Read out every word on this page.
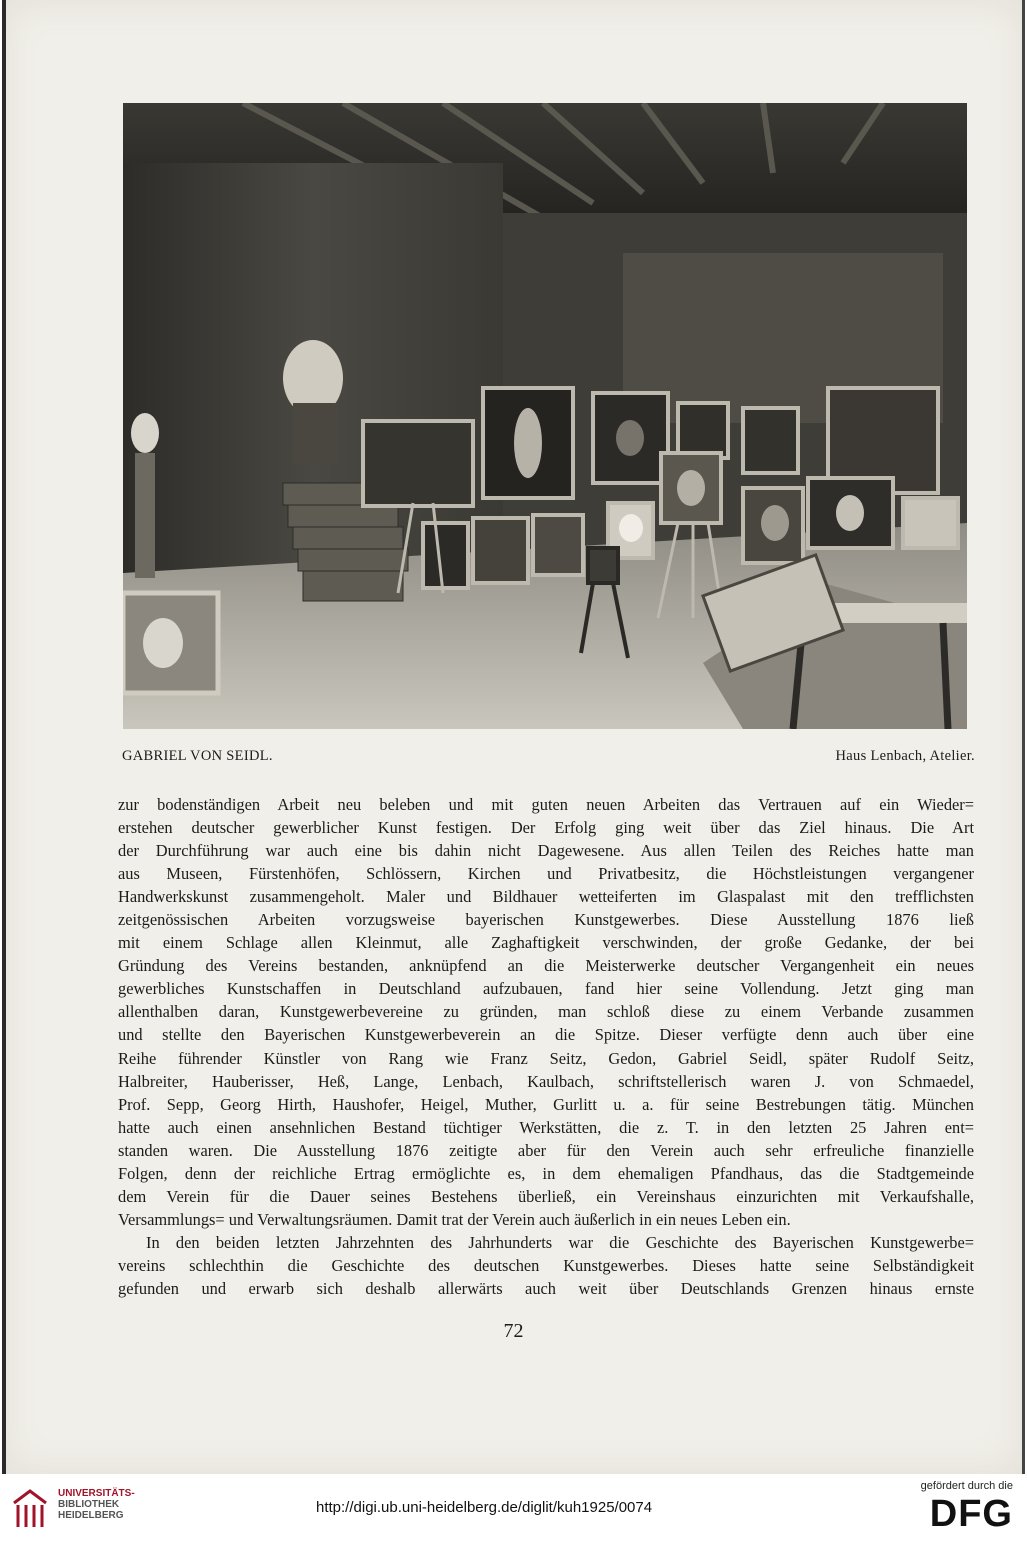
GABRIEL VON SEIDL.	Haus Lenbach, Atelier.
zur bodenständigen Arbeit neu beleben und mit guten neuen Arbeiten das Vertrauen auf ein Wieder=
erstehen deutscher gewerblicher Kunst festigen. Der Erfolg ging weit über das Ziel hinaus. Die Art
der Durchführung war auch eine bis dahin nicht Dagewesene. Aus allen Teilen des Reiches hatte man
aus Museen, Fürstenhöfen, Schlössern, Kirchen und Privatbesitz, die Höchstleistungen vergangener
Handwerkskunst zusammengeholt. Maler und Bildhauer wetteiferten im Glaspalast mit den trefflichsten
zeitgenössischen Arbeiten vorzugsweise bayerischen Kunstgewerbes. Diese Ausstellung 1876 ließ
mit einem Schlage allen Kleinmut, alle Zaghaftigkeit verschwinden, der große Gedanke, der bei
Gründung des Vereins bestanden, anknüpfend an die Meisterwerke deutscher Vergangenheit ein neues
gewerbliches Kunstschaffen in Deutschland aufzubauen, fand hier seine Vollendung. Jetzt ging man
allenthalben daran, Kunstgewerbevereine zu gründen, man schloß diese zu einem Verbande zusammen
und stellte den Bayerischen Kunstgewerbeverein an die Spitze. Dieser verfügte denn auch über eine
Reihe führender Künstler von Rang wie Franz Seitz, Gedon, Gabriel Seidl, später Rudolf Seitz,
Halbreiter, Hauberisser, Heß, Lange, Lenbach, Kaulbach, schriftstellerisch waren J. von Schmaedel,
Prof. Sepp, Georg Hirth, Haushofer, Heigel, Muther, Gurlitt u. a. für seine Bestrebungen tätig. München
hatte auch einen ansehnlichen Bestand tüchtiger Werkstätten, die z. T. in den letzten 25 Jahren ent=
standen waren. Die Ausstellung 1876 zeitigte aber für den Verein auch sehr erfreuliche finanzielle
Folgen, denn der reichliche Ertrag ermöglichte es, in dem ehemaligen Pfandhaus, das die Stadtgemeinde
dem Verein für die Dauer seines Bestehens überließ, ein Vereinshaus einzurichten mit Verkaufshalle,
Versammlungs= und Verwaltungsräumen. Damit trat der Verein auch äußerlich in ein neues Leben ein.
In den beiden letzten Jahrzehnten des Jahrhunderts war die Geschichte des Bayerischen Kunstgewerbe=
vereins schlechthin die Geschichte des deutschen Kunstgewerbes. Dieses hatte seine Selbständigkeit
gefunden und erwarb sich deshalb allerwärts auch weit über Deutschlands Grenzen hinaus ernste
72
UNIVERSITÄTS-
BIBLIOTHEK
HEIDELBERG	http://digi.ub.uni-heidelberg.de/diglit/kuh1925/0074
gefördert durch die
DFG
